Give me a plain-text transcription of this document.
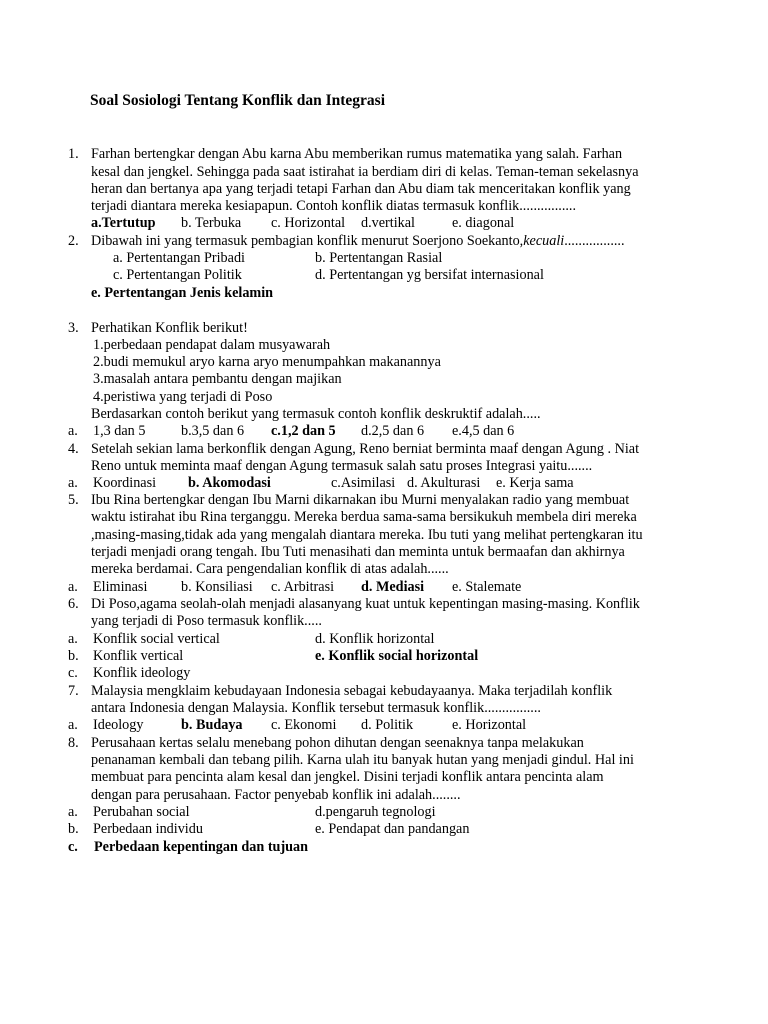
Soal Sosiologi Tentang Konflik dan Integrasi
1. Farhan bertengkar dengan Abu karna Abu memberikan rumus matematika yang salah. Farhan
kesal dan jengkel. Sehingga pada saat istirahat ia berdiam diri di kelas. Teman-teman sekelasnya
heran dan bertanya apa yang terjadi tetapi Farhan dan Abu diam tak menceritakan konflik yang
terjadi diantara mereka kesiapapun. Contoh konflik diatas termasuk konflik................
a.Tertutup b. Terbuka c. Horizontal d.vertikal	e. diagonal
2. Dibawah ini yang termasuk pembagian konflik menurut Soerjono Soekanto,kecuali.................
a. Pertentangan Pribadi	b. Pertentangan Rasial
c. Pertentangan Politik	d. Pertentangan yg bersifat internasional
e. Pertentangan Jenis kelamin
3. Perhatikan Konflik berikut!
1.perbedaan pendapat dalam musyawarah
2.budi memukul aryo karna aryo menumpahkan makanannya
3.masalah antara pembantu dengan majikan
4.peristiwa yang terjadi di Poso
Berdasarkan contoh berikut yang termasuk contoh konflik deskruktif adalah.....
a. 1,3 dan 5	b.3,5 dan 6 c.1,2 dan 5 d.2,5 dan 6 e.4,5 dan 6
4. Setelah sekian lama berkonflik dengan Agung, Reno berniat berminta maaf dengan Agung . Niat
Reno untuk meminta maaf dengan Agung termasuk salah satu proses Integrasi yaitu.......
a. Koordinasi b. Akomodasi	c.Asimilasi d. Akulturasi e. Kerja sama
5. Ibu Rina bertengkar dengan Ibu Marni dikarnakan ibu Murni menyalakan radio yang membuat
waktu istirahat ibu Rina terganggu. Mereka berdua sama-sama bersikukuh membela diri mereka
,masing-masing,tidak ada yang mengalah diantara mereka. Ibu tuti yang melihat pertengkaran itu
terjadi menjadi orang tengah. Ibu Tuti menasihati dan meminta untuk bermaafan dan akhirnya
mereka berdamai. Cara pengendalian konflik di atas adalah......
a. Eliminasi b. Konsiliasi c. Arbitrasi d. Mediasi e. Stalemate
6. Di Poso,agama seolah-olah menjadi alasanyang kuat untuk kepentingan masing-masing. Konflik
yang terjadi di Poso termasuk konflik.....
a. Konflik social vertical	d. Konflik horizontal
b. Konflik vertical	e. Konflik social horizontal
c. Konflik ideology
7. Malaysia mengklaim kebudayaan Indonesia sebagai kebudayaanya. Maka terjadilah konflik
antara Indonesia dengan Malaysia. Konflik tersebut termasuk konflik................
a. Ideology	b. Budaya c. Ekonomi d. Politik	e. Horizontal
8. Perusahaan kertas selalu menebang pohon dihutan dengan seenaknya tanpa melakukan
penanaman kembali dan tebang pilih. Karna ulah itu banyak hutan yang menjadi gindul. Hal ini
membuat para pencinta alam kesal dan jengkel. Disini terjadi konflik antara pencinta alam
dengan para perusahaan. Factor penyebab konflik ini adalah........
a. Perubahan social	d.pengaruh tegnologi
b. Perbedaan individu	e. Pendapat dan pandangan
c. Perbedaan kepentingan dan tujuan
